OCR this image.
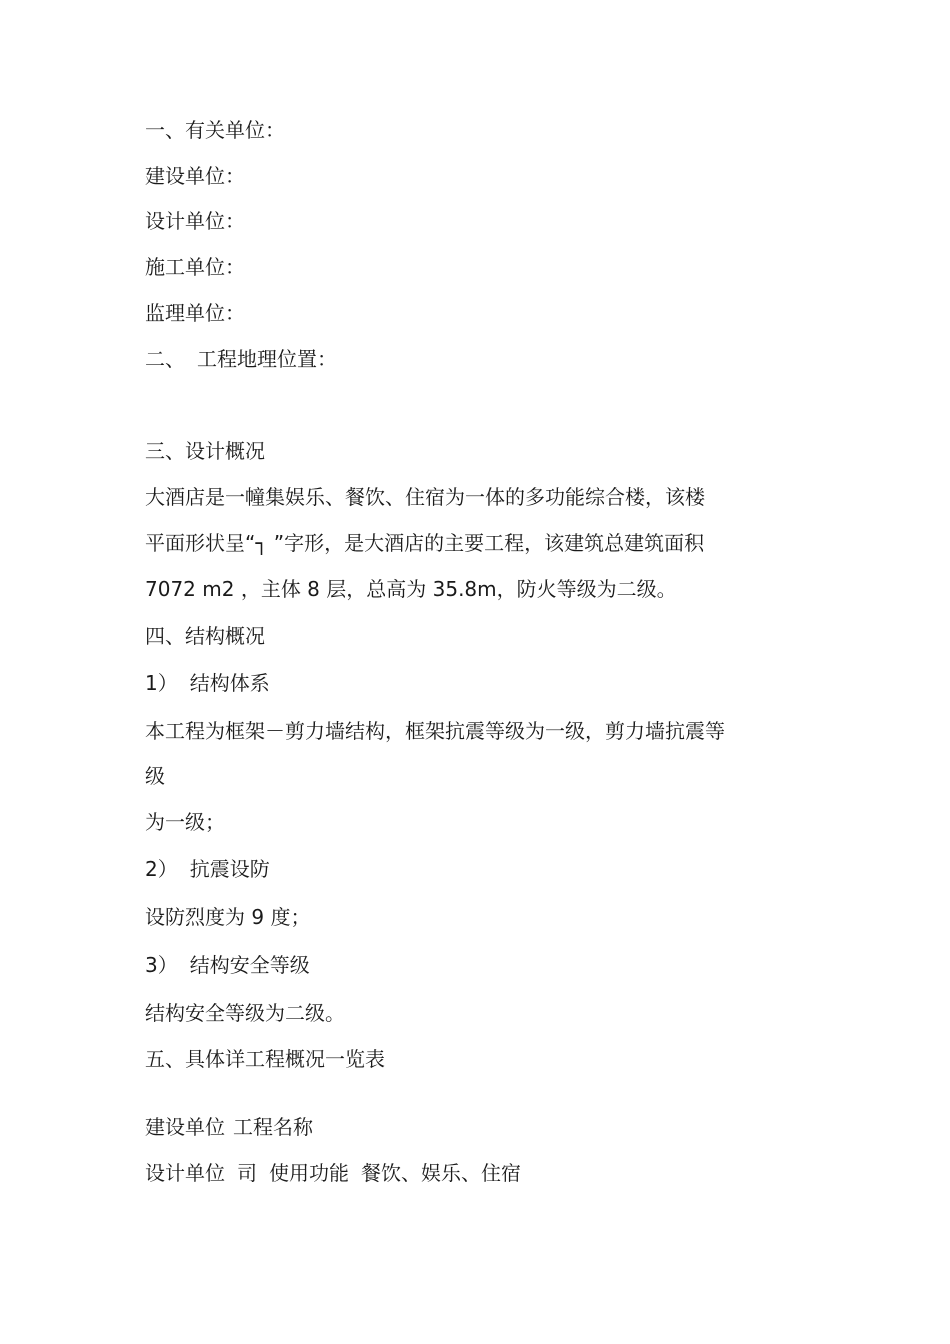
一、有关单位：
建设单位：
设计单位：
施工单位：
监理单位：
二、 工程地理位置：
三、设计概况
大酒店是一幢集娱乐、餐饮、住宿为一体的多功能综合楼，该楼
平面形状呈“┐ ”字形，是大酒店的主要工程，该建筑总建筑面积
7072 m2 ，主体 8 层，总高为 35.8m，防火等级为二级。
四、结构概况
1） 结构体系
本工程为框架－剪力墙结构，框架抗震等级为一级，剪力墙抗震等
级
为一级；
2） 抗震设防
设防烈度为 9 度；
3） 结构安全等级
结构安全等级为二级。
五、具体详工程概况一览表
建设单位 工程名称
设计单位 司 使用功能 餐饮、娱乐、住宿
